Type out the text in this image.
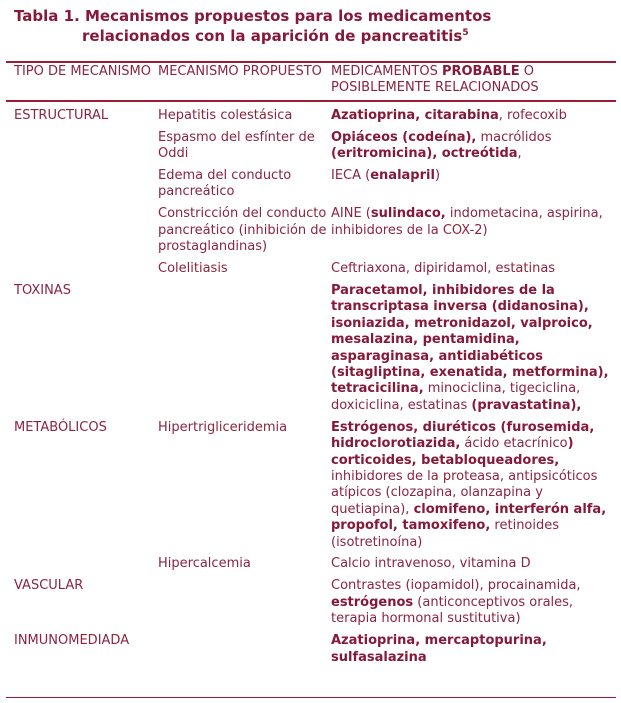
Tabla 1. Mecanismos propuestos para los medicamentos
relacionados con la aparición de pancreatitis$^5$
TIPO DE MECANISMO	MECANISMO PROPUESTO	MEDICAMENTOS PROBABLE O POSIBLEMENTE RELACIONADOS
ESTRUCTURAL	Hepatitis colestásica	Azatioprina, citarabina, rofecoxib
	Espasmo del esfínter de Oddi	Opiáceos (codeína), macrólidos (eritromicina), octreótida,
	Edema del conducto pancreático	IECA (enalapril)
	Constricción del conducto pancreático (inhibición de prostaglandinas)	AINE (sulindaco, indometacina, aspirina, inhibidores de la COX-2)
	Colelitiasis	Ceftriaxona, dipiridamol, estatinas
TOXINAS		Paracetamol, inhibidores de la transcriptasa inversa (didanosina), isoniazida, metronidazol, valproico, mesalazina, pentamidina, asparaginasa, antidiabéticos (sitagliptina, exenatida, metformina), tetracicilina, minociclina, tigeciclina, doxiciclina, estatinas (pravastatina),
METABÓLICOS	Hipertrigliceridemia	Estrógenos, diuréticos (furosemida, hidroclorotiazida, ácido etacrínico) corticoides, betabloqueadores, inhibidores de la proteasa, antipsicóticos atípicos (clozapina, olanzapina y quetiapina), clomifeno, interferón alfa, propofol, tamoxifeno, retinoides (isotretinoína)
	Hipercalcemia	Calcio intravenoso, vitamina D
VASCULAR		Contrastes (iopamidol), procainamida, estrógenos (anticonceptivos orales, terapia hormonal sustitutiva)
INMUNOMEDIADA		Azatioprina, mercaptopurina, sulfasalazina
